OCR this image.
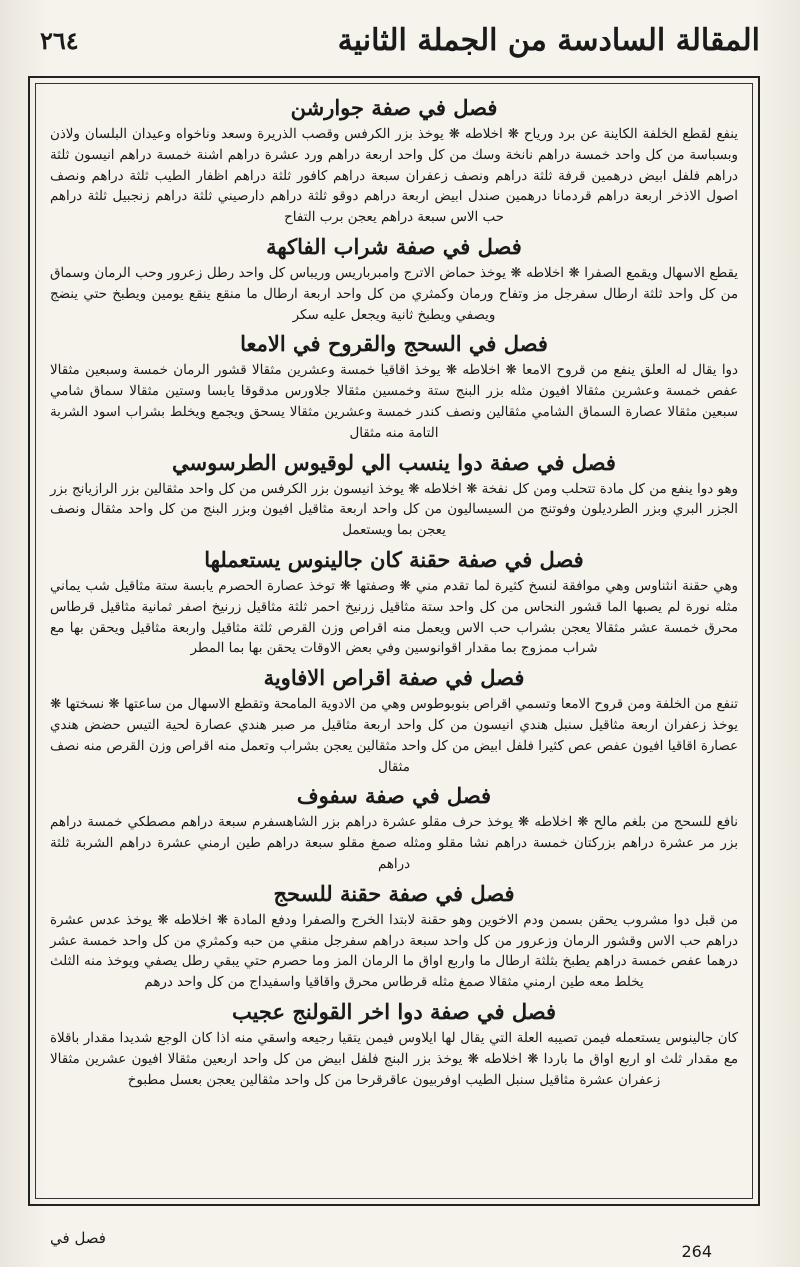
المقالة السادسة من الجملة الثانية
٢٦٤
فصل في صفة جوارشن

ينفع لقطع الخلفة الكاينة عن برد ورياح ❋ اخلاطه ❋ يوخذ بزر الكرفس وقصب الذريرة وسعد وناخواه وعيدان البلسان ولاذن وبسباسة من كل واحد خمسة دراهم نانخة وسك من كل واحد اربعة دراهم ورد عشرة دراهم اشنة خمسة دراهم انيسون ثلثة دراهم فلفل ابيض درهمين قرفة ثلثة دراهم ونصف زعفران سبعة دراهم كافور ثلثة دراهم اظفار الطيب ثلثة دراهم ونصف اصول الاذخر اربعة دراهم قردمانا درهمين صندل ابيض اربعة دراهم دوقو ثلثة دراهم دارصيني ثلثة دراهم زنجبيل ثلثة دراهم حب الاس سبعة دراهم يعجن برب التفاح

فصل في صفة شراب الفاكهة

يقطع الاسهال ويقمع الصفرا ❋ اخلاطه ❋ يوخذ حماض الاترج وامبرباريس وريباس كل واحد رطل زعرور وحب الرمان وسماق من كل واحد ثلثة ارطال سفرجل مز وتفاح ورمان وكمثري من كل واحد اربعة ارطال ما منقع ينقع يومين ويطبخ حتي ينضج ويصفي ويطبخ ثانية ويجعل عليه سكر

فصل في السحج والقروح في الامعا

دوا يقال له العلق ينفع من قروح الامعا ❋ اخلاطه ❋ يوخذ اقاقيا خمسة وعشرين مثقالا قشور الرمان خمسة وسبعين مثقالا عفص خمسة وعشرين مثقالا افيون مثله بزر البنج ستة وخمسين مثقالا جلاورس مدقوقا يابسا وستين مثقالا سماق شامي سبعين مثقالا عصارة السماق الشامي مثقالين ونصف كندر خمسة وعشرين مثقالا يسحق ويجمع ويخلط بشراب اسود الشربة التامة منه مثقال

فصل في صفة دوا ينسب الي لوقيوس الطرسوسي

وهو دوا ينفع من كل مادة تتحلب ومن كل نفخة ❋ اخلاطه ❋ يوخذ انيسون بزر الكرفس من كل واحد مثقالين بزر الرازيانج بزر الجزر البري وبزر الطرديلون وفوتنج من السيساليون من كل واحد اربعة مثاقيل افيون وبزر البنج من كل واحد مثقال ونصف يعجن بما ويستعمل

فصل في صفة حقنة كان جالينوس يستعملها

وهي حقنة انثناوس وهي موافقة لنسخ كثيرة لما تقدم مني ❋ وصفتها ❋ توخذ عصارة الحصرم يابسة ستة مثاقيل شب يماني مثله نورة لم يصبها الما قشور النحاس من كل واحد ستة مثاقيل زرنيخ احمر ثلثة مثاقيل زرنيخ اصفر ثمانية مثاقيل قرطاس محرق خمسة عشر مثقالا يعجن بشراب حب الاس ويعمل منه اقراص وزن القرص ثلثة مثاقيل واربعة مثاقيل ويحقن بها مع شراب ممزوج بما مقدار اقوانوسين وفي بعض الاوقات يحقن بها بما المطر

فصل في صفة اقراص الافاوية

تنفع من الخلفة ومن قروح الامعا وتسمي اقراص بنوبوطوس وهي من الادوية المامحة وتقطع الاسهال من ساعتها ❋ نسختها ❋ يوخذ زعفران اربعة مثاقيل سنبل هندي انيسون من كل واحد اربعة مثاقيل مر صبر هندي عصارة لحية التيس حضض هندي عصارة اقاقيا افيون عفص عص كثيرا فلفل ابيض من كل واحد مثقالين يعجن بشراب وتعمل منه اقراص وزن القرص منه نصف مثقال

فصل في صفة سفوف

نافع للسحج من بلغم مالح ❋ اخلاطه ❋ يوخذ حرف مقلو عشرة دراهم بزر الشاهسفرم سبعة دراهم مصطكي خمسة دراهم بزر مر عشرة دراهم بزركتان خمسة دراهم نشا مقلو ومثله صمغ مقلو سبعة دراهم طين ارمني عشرة دراهم الشربة ثلثة دراهم

فصل في صفة حقنة للسحج

من قبل دوا مشروب يحقن بسمن ودم الاخوين وهو حقنة لابتدا الخرج والصفرا ودفع المادة ❋ اخلاطه ❋ يوخذ عدس عشرة دراهم حب الاس وقشور الرمان وزعرور من كل واحد سبعة دراهم سفرجل منقي من حبه وكمثري من كل واحد خمسة عشر درهما عفص خمسة دراهم يطبخ بثلثة ارطال ما واربع اواق ما الرمان المز وما حصرم حتي يبقي رطل يصفي ويوخذ منه الثلث يخلط معه طين ارمني مثقالا صمغ مثله قرطاس محرق واقاقيا واسفيداج من كل واحد درهم

فصل في صفة دوا اخر القولنج عجيب

كان جالينوس يستعمله فيمن تصيبه العلة التي يقال لها ايلاوس فيمن يتقيا رجيعه واسقي منه اذا كان الوجع شديدا مقدار باقلاة مع مقدار ثلث او اربع اواق ما باردا ❋ اخلاطه ❋ يوخذ بزر البنج فلفل ابيض من كل واحد اربعين مثقالا افيون عشرين مثقالا زعفران عشرة مثاقيل سنبل الطيب اوفربيون عاقرقرحا من كل واحد مثقالين يعجن بعسل مطبوخ

فصل في
264
